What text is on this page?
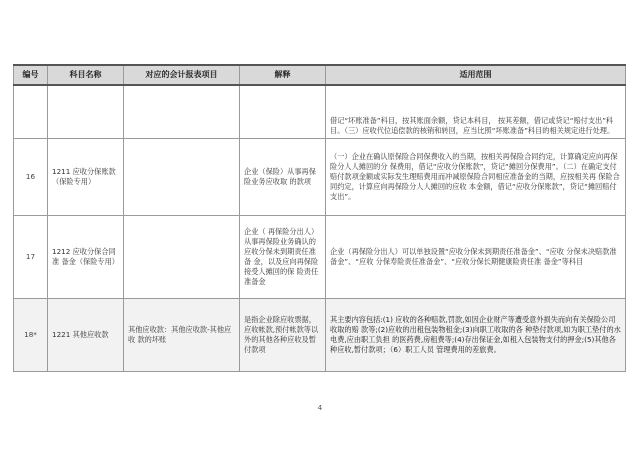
编号	科目名称	对应的会计报表项目	解释	适用范围
				借记“坏账准备”科目，按其账面余额，贷记本科目， 按其差额，借记或贷记“赔付支出”科目。（三）应收代位追偿款的核销和转回，应当比照“坏账准备”科目的相关规定进行处理。
16	1211 应收分保账款（保险专用）		企业（保险）从事再保险业务应收取 的款项	（一）企业在确认原保险合同保费收入的当期，按相关再保险合同约定，计算确定应向再保险分人人摊回的分 保费用，借记“应收分保账款”，贷记“摊回分保费用”。（二）在确定支付赔付款项金额或实际发生理赔费用而冲减原保险合同相应准备金的当期，应按相关再 保险合同约定，计算应向再保险分人人摊回的应收 本金额，借记“应收分保账款”，贷记“摊回赔付支出”。
17	1212 应收分保合同准 备金（保险专用）		企业（ 再保险分出人）从事再保险业务确认的应收分保未到期责任准备 金，以及应向再保险接受人摊回的保 险责任准备金	企业（再保险分出人）可以单独设置“应收分保未到期责任准备金”、“应收 分保未决赔款准备金”、“应收 分保寿险责任准备金”、“应收分保长期健康险责任准 备金”等科目
18*	1221 其他应收款	其他应收款：其他应收款-其他应收 款的坏账	是指企业除应收票据，应收帐款,预付帐款等以外的其他各种应收及暂付款项	其主要内容包括:(1) 应收的各种赔款,罚款,如因企业财产等遭受意外损失而向有关保险公司收取的赔 款等;(2)应收的出租包装物租金;(3)向职工收取的各 种垫付款项,如为职工垫付的水电费,应由职工负担 的医药费,房租费等;(4)存出保证金,如租入包装物支付的押金;(5)其他各种应收,暂付款项；（6）职工人员 管理费用的差旅费。
4
